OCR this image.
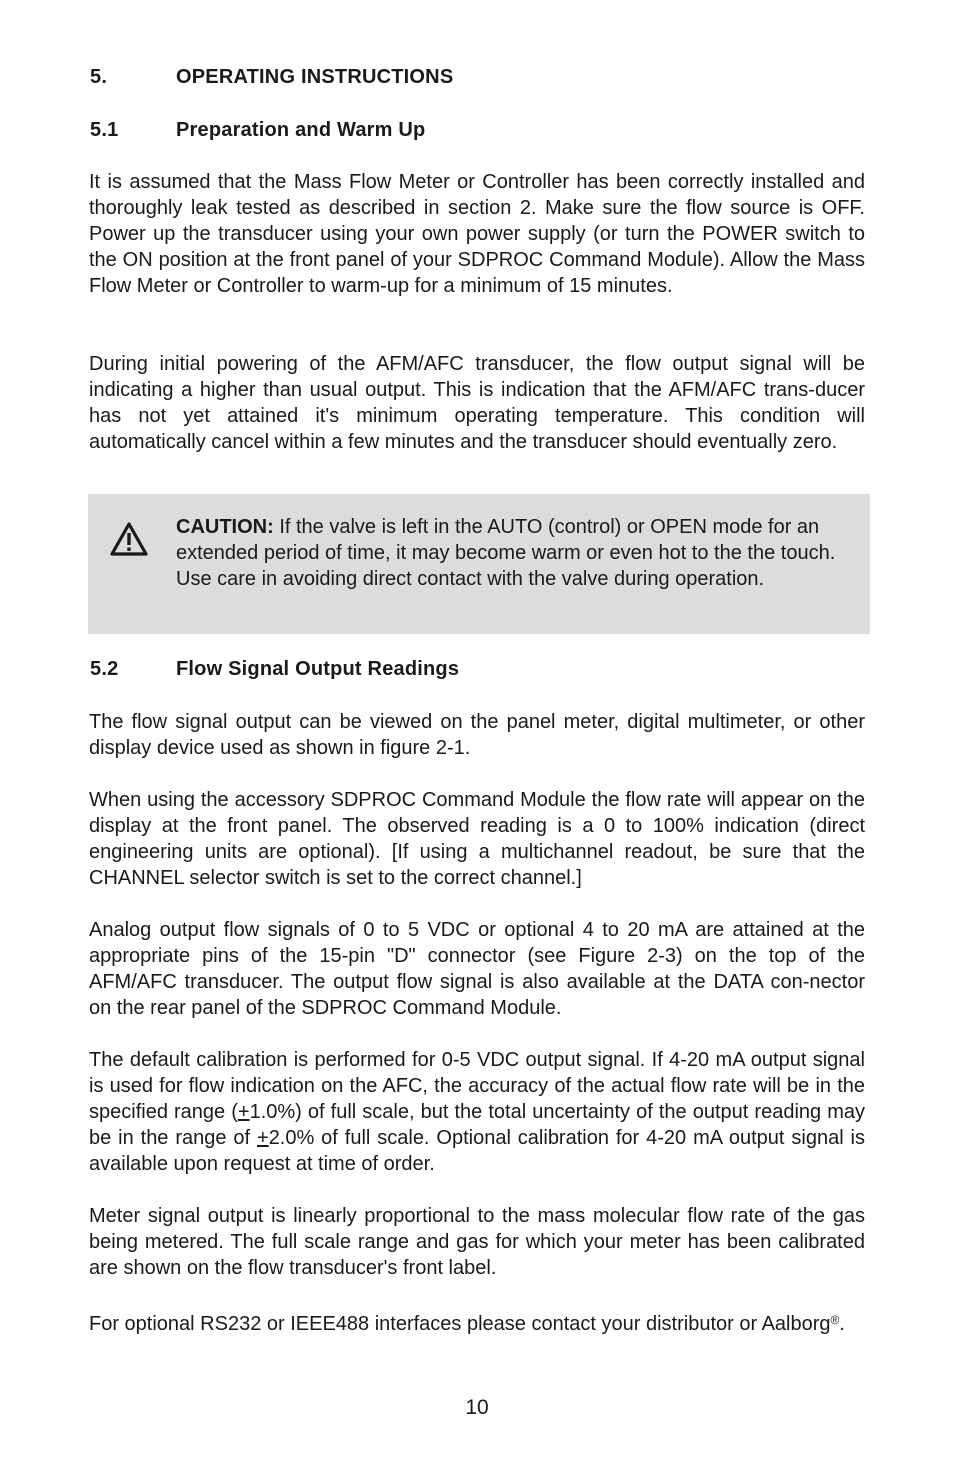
5.	OPERATING INSTRUCTIONS
5.1	Preparation and Warm Up

It is assumed that the Mass Flow Meter or Controller has been correctly installed and thoroughly leak tested as described in section 2. Make sure the flow source is OFF. Power up the transducer using your own power supply (or turn the POWER switch to the ON position at the front panel of your SDPROC Command Module). Allow the Mass Flow Meter or Controller to warm-up for a minimum of 15 minutes.

During initial powering of the AFM/AFC transducer, the flow output signal will be indicating a higher than usual output. This is indication that the AFM/AFC trans-ducer has not yet attained it's minimum operating temperature. This condition will automatically cancel within a few minutes and the transducer should eventually zero.

CAUTION: If the valve is left in the AUTO (control) or OPEN mode for an extended period of time, it may become warm or even hot to the the touch. Use care in avoiding direct contact with the valve during operation.

5.2	Flow Signal Output Readings

The flow signal output can be viewed on the panel meter, digital multimeter, or other display device used as shown in figure 2-1.

When using the accessory SDPROC Command Module the flow rate will appear on the display at the front panel. The observed reading is a 0 to 100% indication (direct engineering units are optional). [If using a multichannel readout, be sure that the CHANNEL selector switch is set to the correct channel.]

Analog output flow signals of 0 to 5 VDC or optional 4 to 20 mA are attained at the appropriate pins of the 15-pin "D" connector (see Figure 2-3) on the top of the AFM/AFC transducer. The output flow signal is also available at the DATA con-nector on the rear panel of the SDPROC Command Module.

The default calibration is performed for 0-5 VDC output signal. If 4-20 mA output signal is used for flow indication on the AFC, the accuracy of the actual flow rate will be in the specified range (+1.0%) of full scale, but the total uncertainty of the output reading may be in the range of +2.0% of full scale. Optional calibration for 4-20 mA output signal is available upon request at time of order.

Meter signal output is linearly proportional to the mass molecular flow rate of the gas being metered. The full scale range and gas for which your meter has been calibrated are shown on the flow transducer's front label.

For optional RS232 or IEEE488 interfaces please contact your distributor or Aalborg®.

10
